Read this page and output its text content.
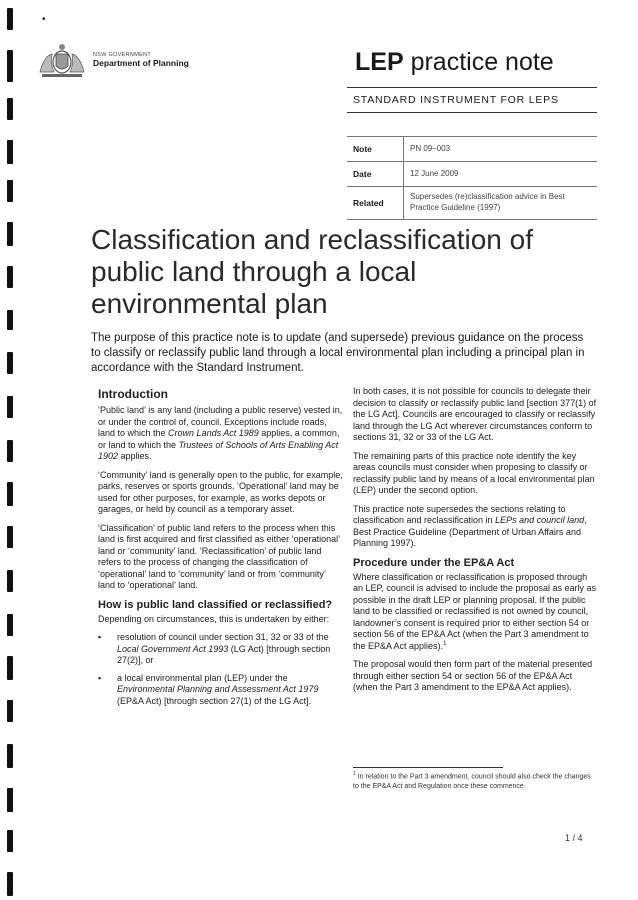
•
NSW GOVERNMENT
Department of Planning	LEP practice note
STANDARD INSTRUMENT FOR LEPS
Note	PN 09–003
Date	12 June 2009
Related	Supersedes (re)classification advice in Best Practice Guideline (1997)
Classification and reclassification of public land through a local environmental plan

The purpose of this practice note is to update (and supersede) previous guidance on the process to classify or reclassify public land through a local environmental plan including a principal plan in accordance with the Standard Instrument.

Introduction

‘Public land’ is any land (including a public reserve) vested in, or under the control of, council. Exceptions include roads, land to which the Crown Lands Act 1989 applies, a common, or land to which the Trustees of Schools of Arts Enabling Act 1902 applies.

‘Community’ land is generally open to the public, for example, parks, reserves or sports grounds. ‘Operational’ land may be used for other purposes, for example, as works depots or garages, or held by council as a temporary asset.

‘Classification’ of public land refers to the process when this land is first acquired and first classified as either ‘operational’ land or ‘community’ land. ‘Reclassification’ of public land refers to the process of changing the classification of ‘operational’ land to ‘community’ land or from ‘community’ land to ‘operational’ land.

How is public land classified or reclassified?

Depending on circumstances, this is undertaken by either:

▪ resolution of council under section 31, 32 or 33 of the Local Government Act 1993 (LG Act) [through section 27(2)], or
▪ a local environmental plan (LEP) under the Environmental Planning and Assessment Act 1979 (EP&A Act) [through section 27(1) of the LG Act].

In both cases, it is not possible for councils to delegate their decision to classify or reclassify public land [section 377(1) of the LG Act]. Councils are encouraged to classify or reclassify land through the LG Act wherever circumstances conform to sections 31, 32 or 33 of the LG Act.

The remaining parts of this practice note identify the key areas councils must consider when proposing to classify or reclassify public land by means of a local environmental plan (LEP) under the second option.

This practice note supersedes the sections relating to classification and reclassification in LEPs and council land, Best Practice Guideline (Department of Urban Affairs and Planning 1997).

Procedure under the EP&A Act

Where classification or reclassification is proposed through an LEP, council is advised to include the proposal as early as possible in the draft LEP or planning proposal. If the public land to be classified or reclassified is not owned by council, landowner’s consent is required prior to either section 54 or section 56 of the EP&A Act (when the Part 3 amendment to the EP&A Act applies).$^1$

The proposal would then form part of the material presented through either section 54 or section 56 of the EP&A Act (when the Part 3 amendment to the EP&A Act applies).

$^1$ In relation to the Part 3 amendment, council should also check the changes to the EP&A Act and Regulation once these commence.
1 / 4
